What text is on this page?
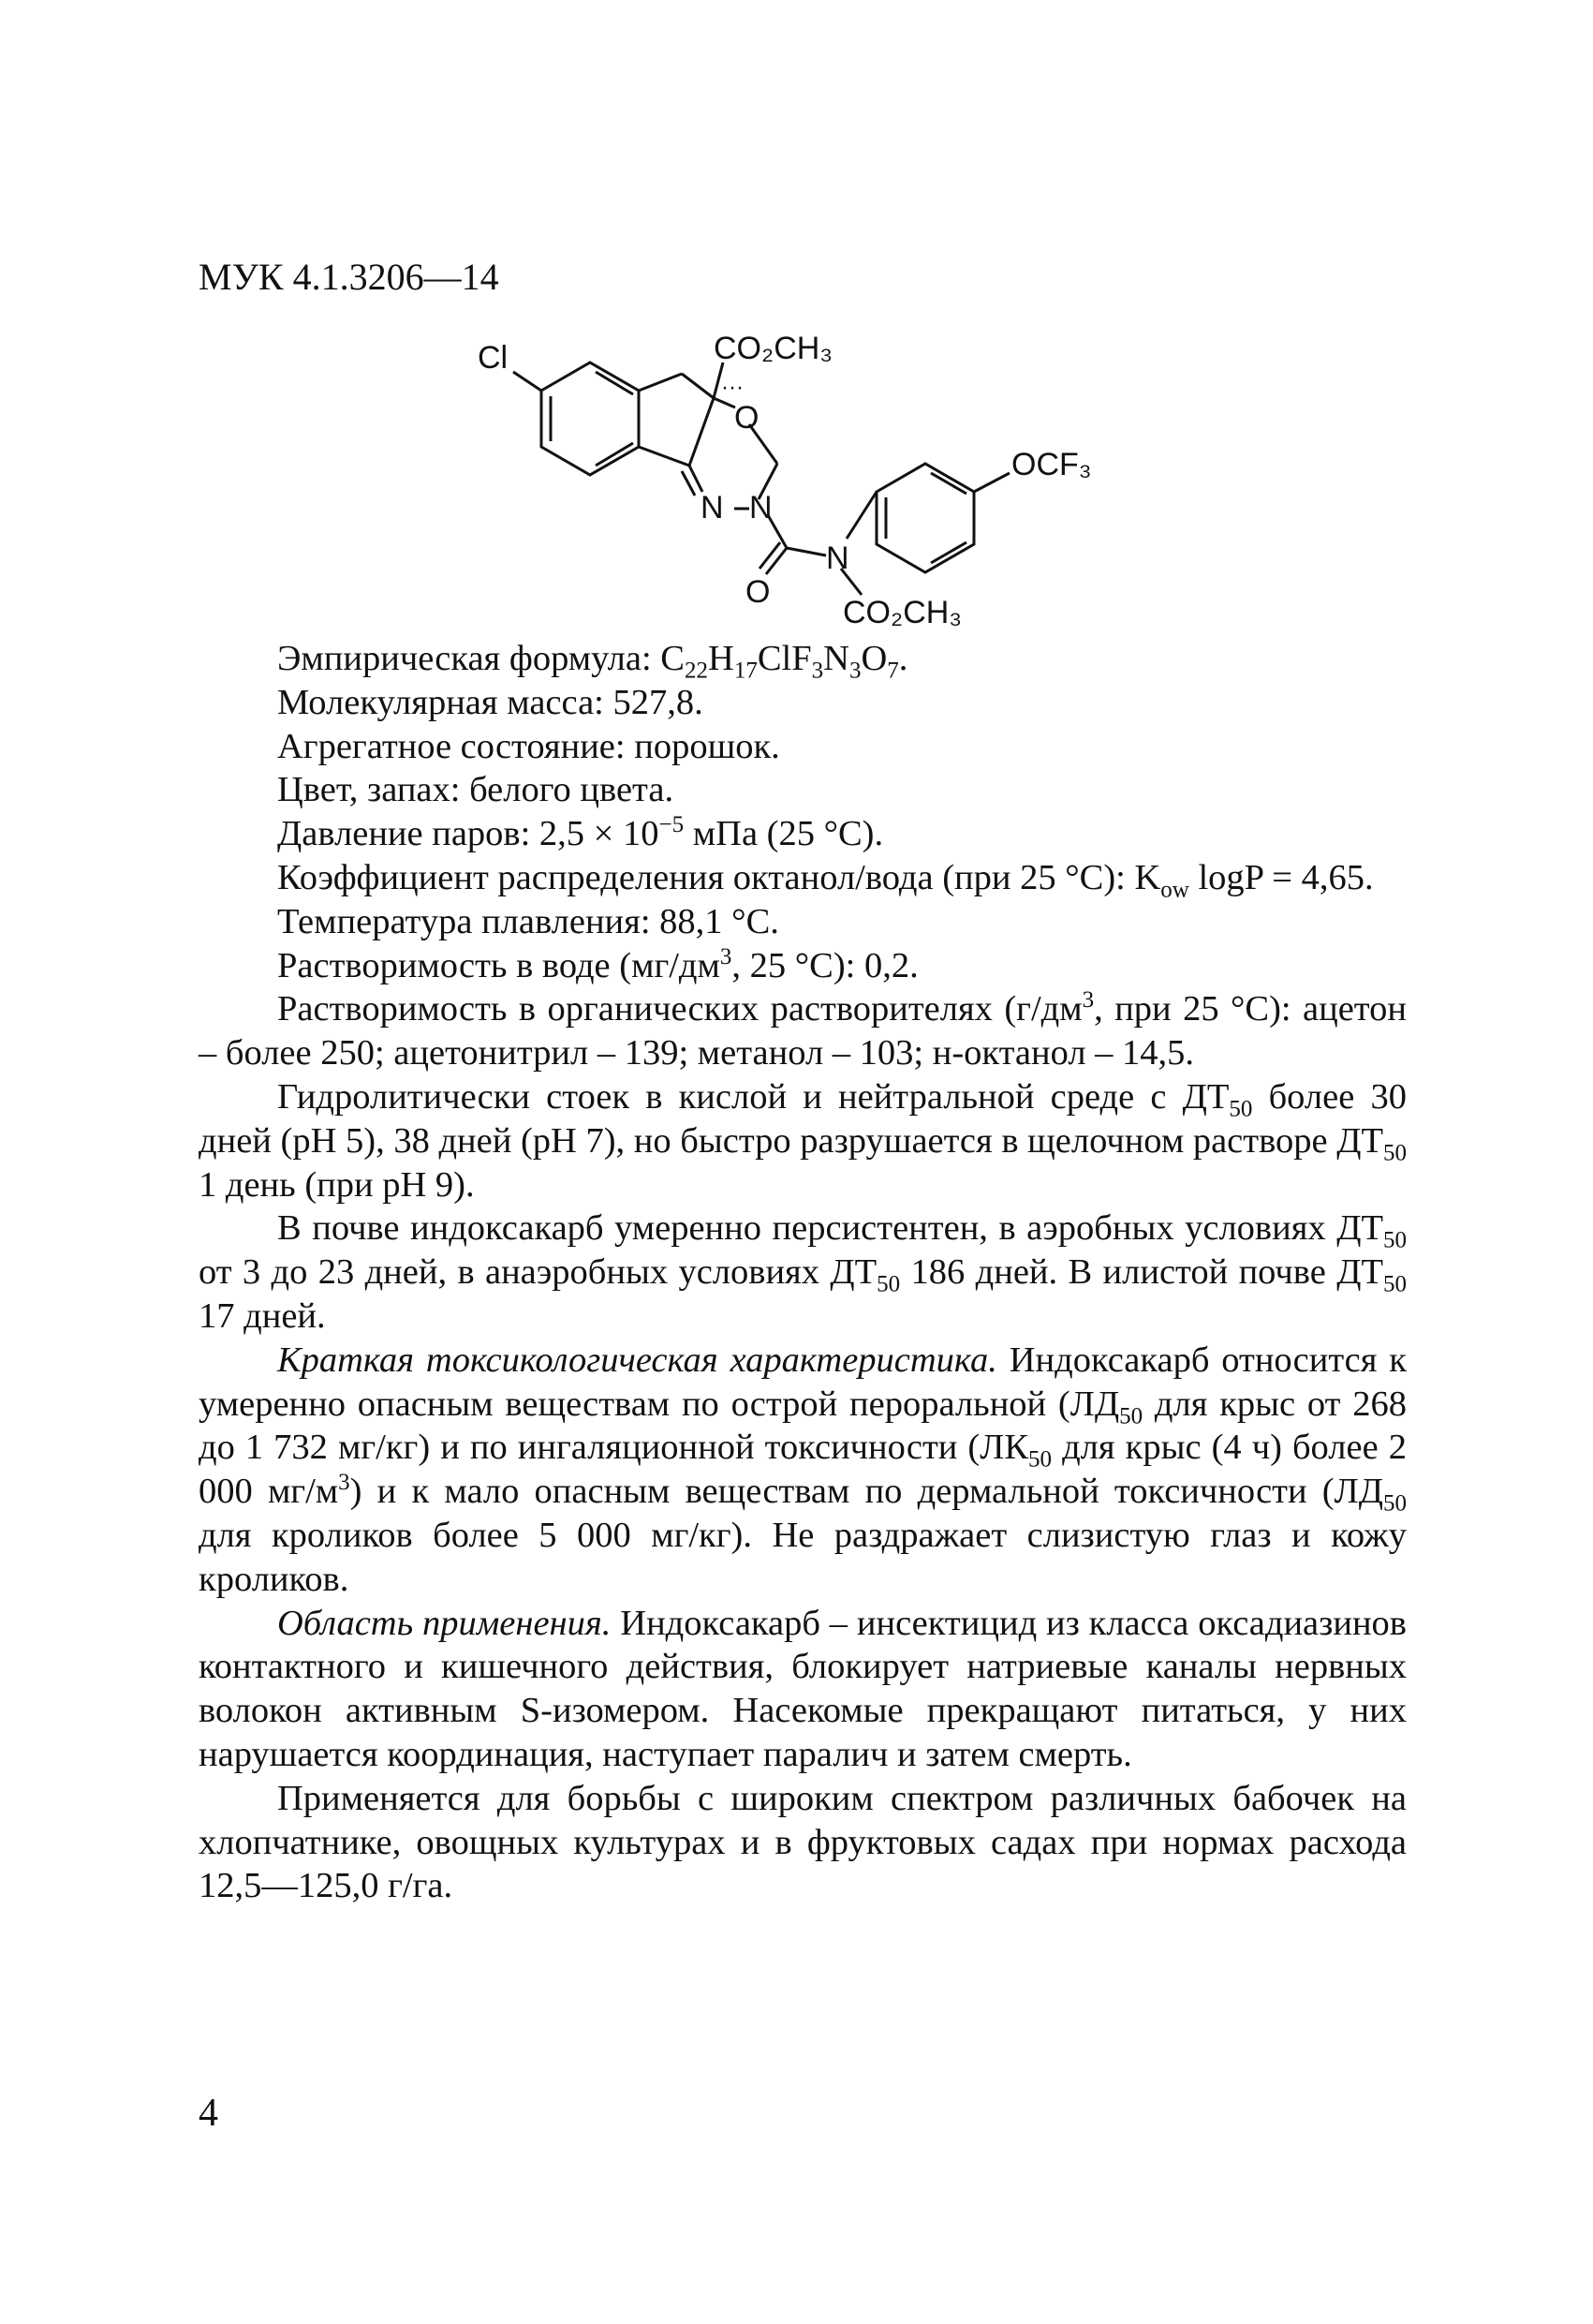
МУК 4.1.3206—14
Cl	CO₂CH₃
O
OCF₃
N N
N
O
CO₂CH₃
···
Эмпирическая формула: $C_{22}H_{17}ClF_3N_3O_7$.
Молекулярная масса: 527,8.
Агрегатное состояние: порошок.
Цвет, запах: белого цвета.
Давление паров: $2,5 \times 10^{-5}$ мПа (25 °C).
Коэффициент распределения октанол/вода (при 25 °C): $K_{ow}$ logP = 4,65.
Температура плавления: 88,1 °C.
Растворимость в воде ($мг/дм^3$, 25 °C): 0,2.

Растворимость в органических растворителях ($г/дм^3$, при 25 °C): ацетон – более 250; ацетонитрил – 139; метанол – 103; н-октанол – 14,5.

Гидролитически стоек в кислой и нейтральной среде с $ДТ_{50}$ более 30 дней (pH 5), 38 дней (pH 7), но быстро разрушается в щелочном растворе $ДТ_{50}$ 1 день (при pH 9).

В почве индоксакарб умеренно персистентен, в аэробных условиях $ДТ_{50}$ от 3 до 23 дней, в анаэробных условиях $ДТ_{50}$ 186 дней. В илистой почве $ДТ_{50}$ 17 дней.

Краткая токсикологическая характеристика. Индоксакарб относится к умеренно опасным веществам по острой пероральной ($ЛД_{50}$ для крыс от 268 до 1 732 мг/кг) и по ингаляционной токсичности ($ЛК_{50}$ для крыс (4 ч) более 2 000 $мг/м^3$) и к мало опасным веществам по дермальной токсичности ($ЛД_{50}$ для кроликов более 5 000 мг/кг). Не раздражает слизистую глаз и кожу кроликов.

Область применения. Индоксакарб – инсектицид из класса оксадиазинов контактного и кишечного действия, блокирует натриевые каналы нервных волокон активным S-изомером. Насекомые прекращают питаться, у них нарушается координация, наступает паралич и затем смерть.

Применяется для борьбы с широким спектром различных бабочек на хлопчатнике, овощных культурах и в фруктовых садах при нормах расхода 12,5—125,0 г/га.

4
